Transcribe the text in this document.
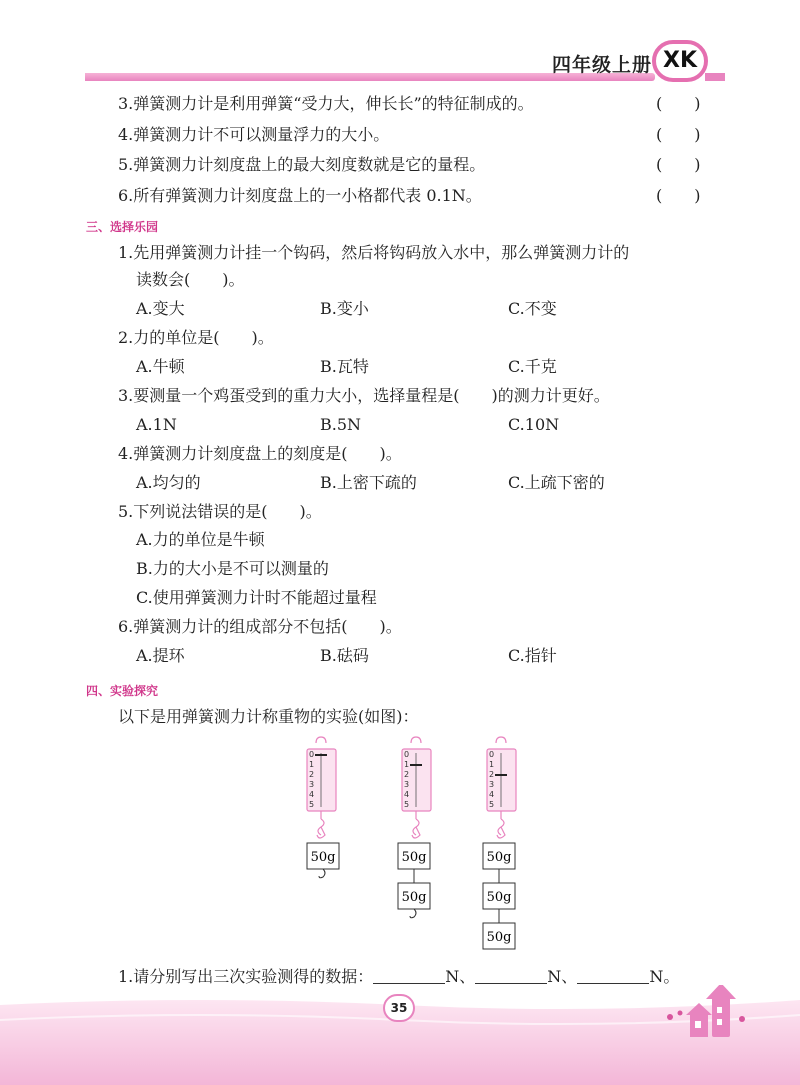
四年级上册 XK
3.弹簧测力计是利用弹簧“受力大，伸长长”的特征制成的。	(　　)
4.弹簧测力计不可以测量浮力的大小。	(　　)
5.弹簧测力计刻度盘上的最大刻度数就是它的量程。	(　　)
6.所有弹簧测力计刻度盘上的一小格都代表 0.1N。	(　　)
三、选择乐园
1.先用弹簧测力计挂一个钩码，然后将钩码放入水中，那么弹簧测力计的
读数会(　　)。
A.变大	B.变小	C.不变
2.力的单位是(　　)。
A.牛顿	B.瓦特	C.千克
3.要测量一个鸡蛋受到的重力大小，选择量程是(　　)的测力计更好。
A.1N	B.5N	C.10N
4.弹簧测力计刻度盘上的刻度是(　　)。
A.均匀的	B.上密下疏的	C.上疏下密的
5.下列说法错误的是(　　)。
A.力的单位是牛顿
B.力的大小是不可以测量的
C.使用弹簧测力计时不能超过量程
6.弹簧测力计的组成部分不包括(　　)。
A.提环	B.砝码	C.指针
四、实验探究
以下是用弹簧测力计称重物的实验(如图)：
0
1
2
3
4
5
0
1
2
3
4
5
0
1
2
3
4
5
50g	50g
50g
50g
50g
50g
1.请分别写出三次实验测得的数据：	N、	N、	N。
35
